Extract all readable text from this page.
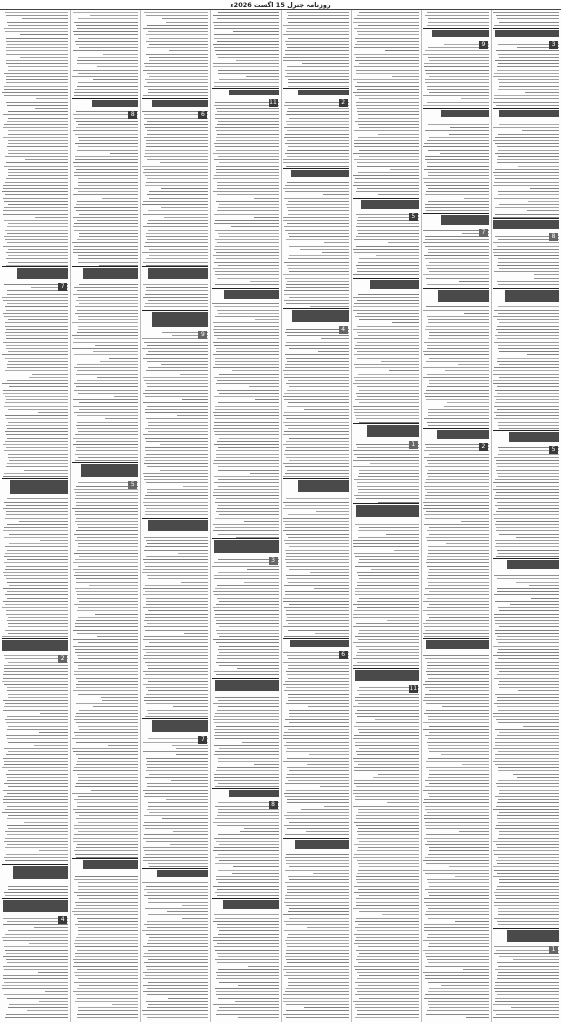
روزنامہ جنرل 15 اگست 2026ء
7
2
4
8
5
6
9
7
11
3
8
2
4
6
5
1
11
9
7
2
3
8
5
1
